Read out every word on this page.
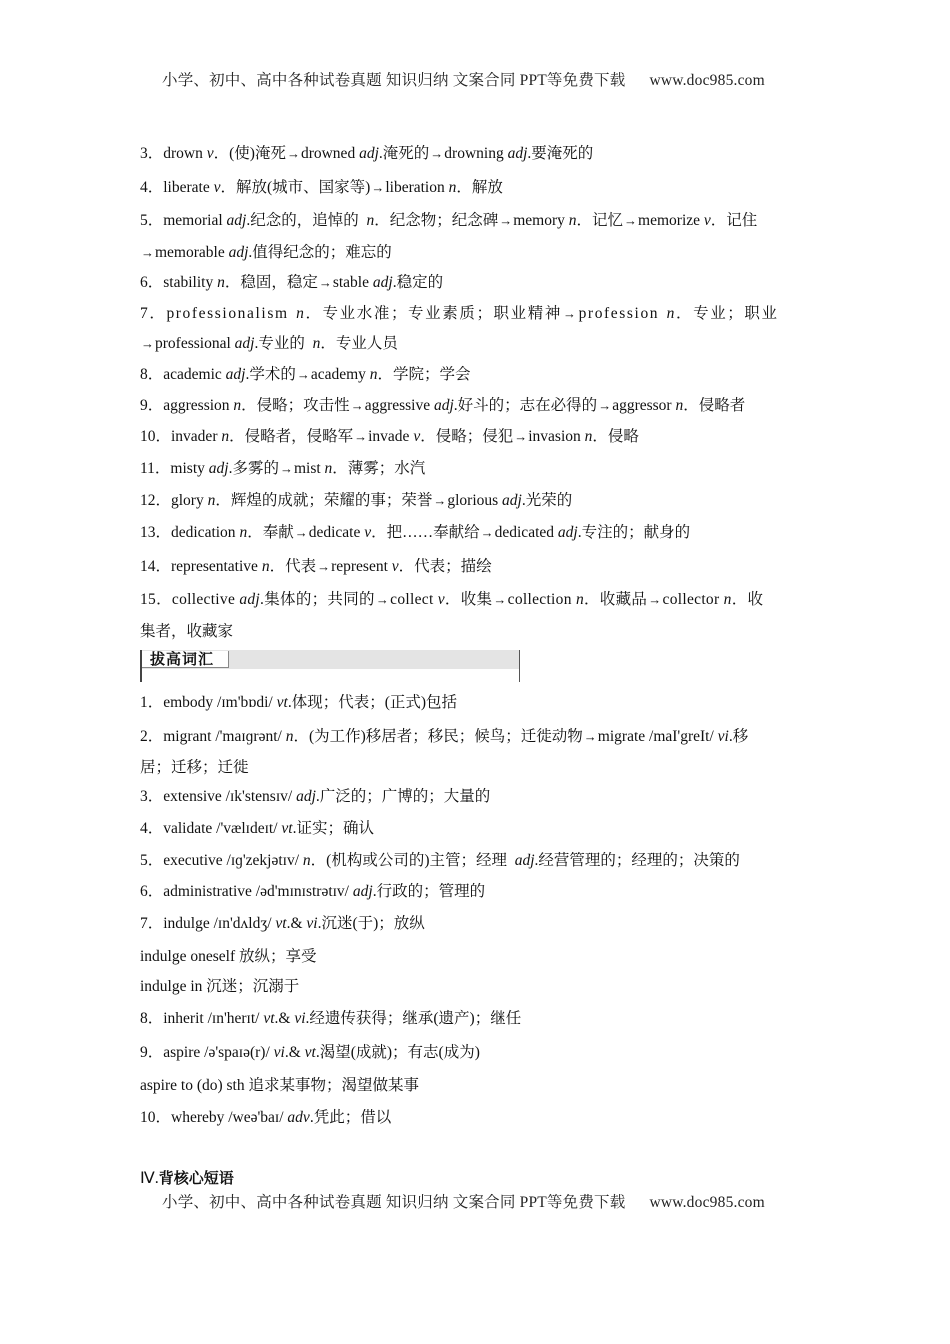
小学、初中、高中各种试卷真题 知识归纳 文案合同 PPT等免费下载 www.doc985.com
3．drown v．(使)淹死→drowned adj.淹死的→drowning adj.要淹死的
4．liberate v．解放(城市、国家等)→liberation n．解放
5．memorial adj.纪念的，追悼的  n．纪念物；纪念碑→memory n．记忆→memorize v．记住
→memorable adj.值得纪念的；难忘的
6．stability n．稳固，稳定→stable adj.稳定的
7．professionalism n．专业水准；专业素质；职业精神→profession n．专业；职业
→professional adj.专业的  n．专业人员
8．academic adj.学术的→academy n．学院；学会
9．aggression n．侵略；攻击性→aggressive adj.好斗的；志在必得的→aggressor n．侵略者
10．invader n．侵略者，侵略军→invade v．侵略；侵犯→invasion n．侵略
11．misty adj.多雾的→mist n．薄雾；水汽
12．glory n．辉煌的成就；荣耀的事；荣誉→glorious adj.光荣的
13．dedication n．奉献→dedicate v．把……奉献给→dedicated adj.专注的；献身的
14．representative n．代表→represent v．代表；描绘
15．collective adj.集体的；共同的→collect v．收集→collection n．收藏品→collector n．收
集者，收藏家
拔高词汇
1．embody /ɪm'bɒdi/ vt.体现；代表；(正式)包括
2．migrant /'maɪɡrənt/ n．(为工作)移居者；移民；候鸟；迁徙动物→migrate /maI'greIt/ vi.移
居；迁移；迁徙
3．extensive /ɪk'stensɪv/ adj.广泛的；广博的；大量的
4．validate /'vælɪdeɪt/ vt.证实；确认
5．executive /ɪɡ'zekjətɪv/ n．(机构或公司的)主管；经理  adj.经营管理的；经理的；决策的
6．administrative /əd'mɪnɪstrətɪv/ adj.行政的；管理的
7．indulge /ɪn'dʌldʒ/ vt.& vi.沉迷(于)；放纵
indulge oneself 放纵；享受
indulge in 沉迷；沉溺于
8．inherit /ɪn'herɪt/ vt.& vi.经遗传获得；继承(遗产)；继任
9．aspire /ə'spaɪə(r)/ vi.& vt.渴望(成就)；有志(成为)
aspire to (do) sth 追求某事物；渴望做某事
10．whereby /weə'baɪ/ adv.凭此；借以
Ⅳ.背核心短语
小学、初中、高中各种试卷真题 知识归纳 文案合同 PPT等免费下载 www.doc985.com
